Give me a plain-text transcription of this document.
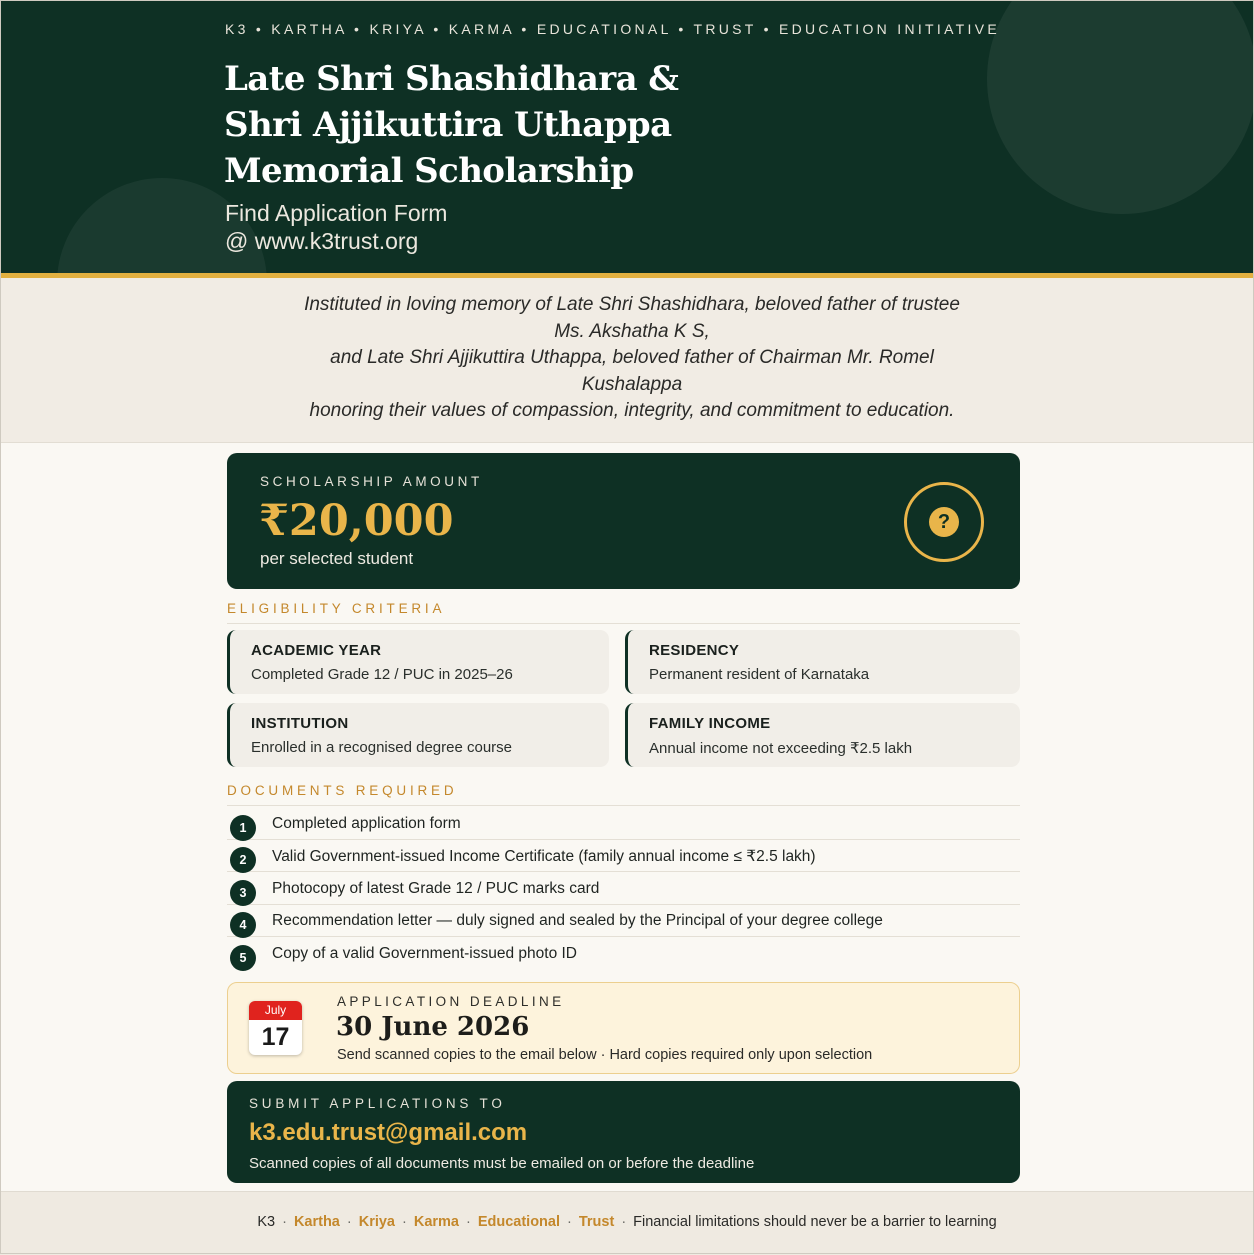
K3 • KARTHA • KRIYA • KARMA • EDUCATIONAL • TRUST • EDUCATION INITIATIVE
Late Shri Shashidhara &
Shri Ajjikuttira Uthappa
Memorial Scholarship
Find Application Form
@ www.k3trust.org

Instituted in loving memory of Late Shri Shashidhara, beloved father of trustee
Ms. Akshatha K S,
and Late Shri Ajjikuttira Uthappa, beloved father of Chairman Mr. Romel
Kushalappa
honoring their values of compassion, integrity, and commitment to education.

SCHOLARSHIP AMOUNT
₹20,000
per selected student
?
ELIGIBILITY CRITERIA
ACADEMIC YEAR
Completed Grade 12 / PUC in 2025–26
RESIDENCY
Permanent resident of Karnataka
INSTITUTION
Enrolled in a recognised degree course
FAMILY INCOME
Annual income not exceeding ₹2.5 lakh
DOCUMENTS REQUIRED
1	Completed application form
2	Valid Government-issued Income Certificate (family annual income ≤ ₹2.5 lakh)
3	Photocopy of latest Grade 12 / PUC marks card
4	Recommendation letter — duly signed and sealed by the Principal of your degree college
5	Copy of a valid Government-issued photo ID
July
17
APPLICATION DEADLINE
30 June 2026
Send scanned copies to the email below · Hard copies required only upon selection
SUBMIT APPLICATIONS TO
k3.edu.trust@gmail.com
Scanned copies of all documents must be emailed on or before the deadline
K3 · Kartha · Kriya · Karma · Educational · Trust · Financial limitations should never be a barrier to learning
